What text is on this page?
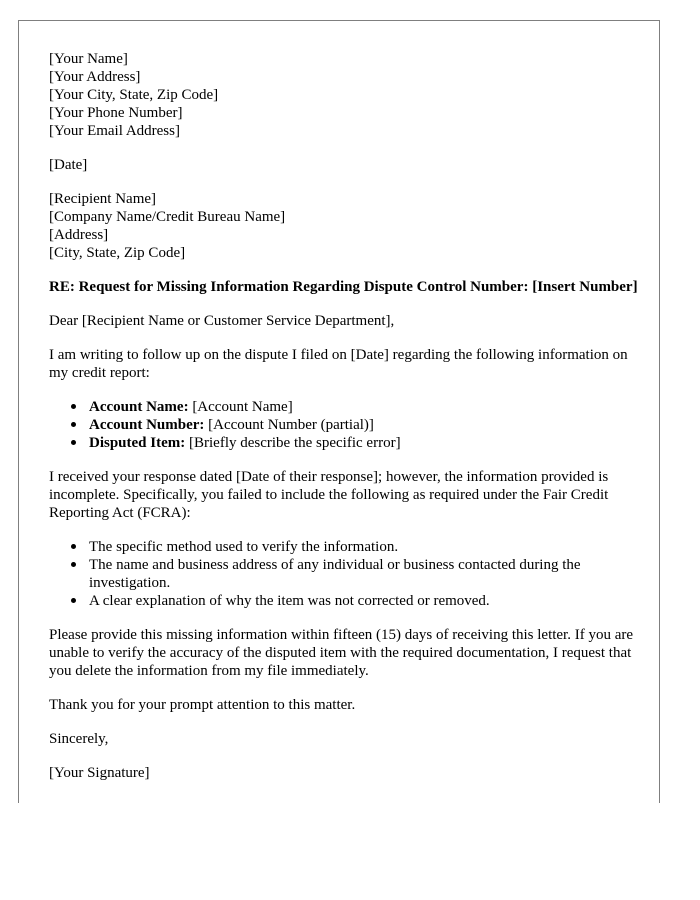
[Your Name]
[Your Address]
[Your City, State, Zip Code]
[Your Phone Number]
[Your Email Address]

[Date]

[Recipient Name]
[Company Name/Credit Bureau Name]
[Address]
[City, State, Zip Code]

RE: Request for Missing Information Regarding Dispute Control Number: [Insert Number]

Dear [Recipient Name or Customer Service Department],

I am writing to follow up on the dispute I filed on [Date] regarding the following information on my credit report:

Account Name: [Account Name]
Account Number: [Account Number (partial)]
Disputed Item: [Briefly describe the specific error]

I received your response dated [Date of their response]; however, the information provided is incomplete. Specifically, you failed to include the following as required under the Fair Credit Reporting Act (FCRA):

The specific method used to verify the information.
The name and business address of any individual or business contacted during the investigation.
A clear explanation of why the item was not corrected or removed.

Please provide this missing information within fifteen (15) days of receiving this letter. If you are unable to verify the accuracy of the disputed item with the required documentation, I request that you delete the information from my file immediately.

Thank you for your prompt attention to this matter.

Sincerely,

[Your Signature]
